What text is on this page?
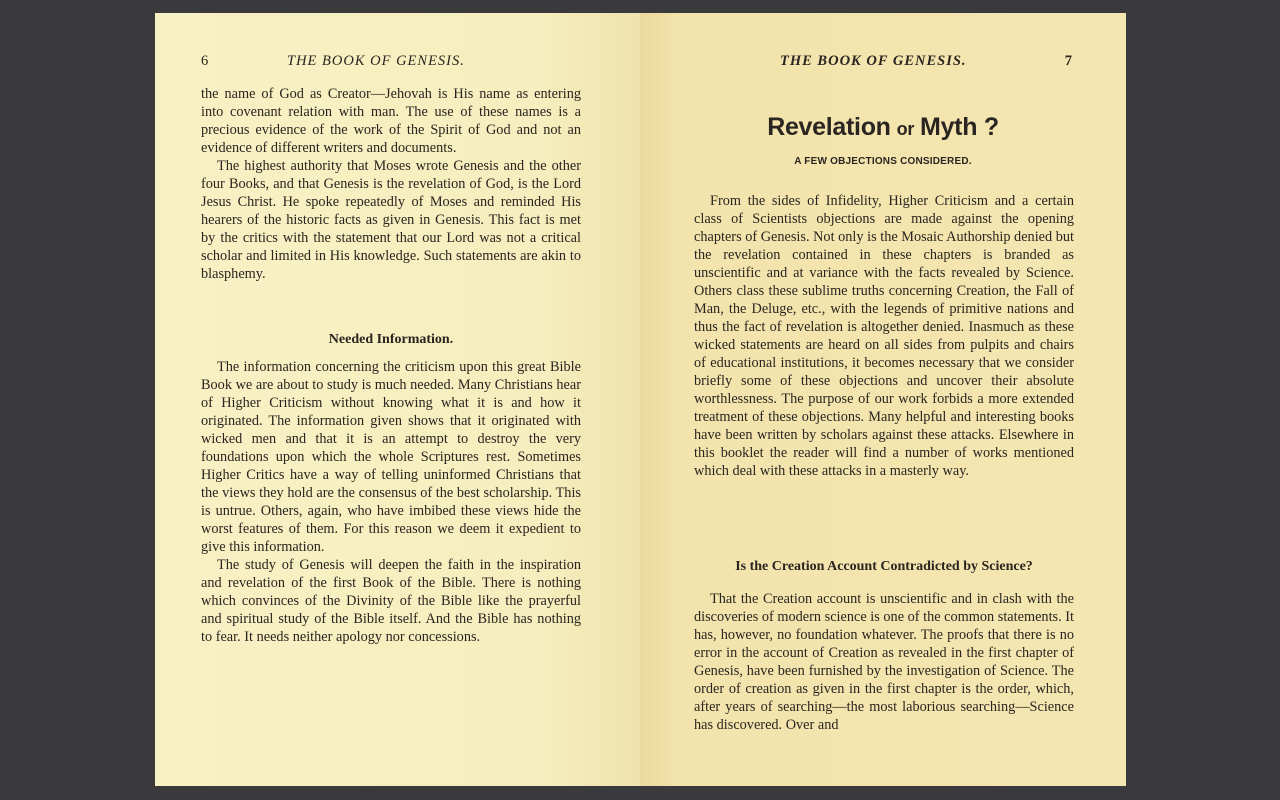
6	THE BOOK OF GENESIS.

the name of God as Creator—Jehovah is His name as entering into covenant relation with man. The use of these names is a precious evidence of the work of the Spirit of God and not an evidence of different writers and documents.

The highest authority that Moses wrote Genesis and the other four Books, and that Genesis is the revelation of God, is the Lord Jesus Christ. He spoke repeatedly of Moses and reminded His hearers of the historic facts as given in Genesis. This fact is met by the critics with the statement that our Lord was not a critical scholar and limited in His knowledge. Such statements are akin to blasphemy.

Needed Information.

The information concerning the criticism upon this great Bible Book we are about to study is much needed. Many Christians hear of Higher Criticism without knowing what it is and how it originated. The information given shows that it originated with wicked men and that it is an attempt to destroy the very foundations upon which the whole Scriptures rest. Sometimes Higher Critics have a way of telling uninformed Christians that the views they hold are the consensus of the best scholarship. This is untrue. Others, again, who have imbibed these views hide the worst features of them. For this reason we deem it expedient to give this information.

The study of Genesis will deepen the faith in the inspiration and revelation of the first Book of the Bible. There is nothing which convinces of the Divinity of the Bible like the prayerful and spiritual study of the Bible itself. And the Bible has nothing to fear. It needs neither apology nor concessions.

THE BOOK OF GENESIS.	7
Revelation or Myth ?
A FEW OBJECTIONS CONSIDERED.

From the sides of Infidelity, Higher Criticism and a certain class of Scientists objections are made against the opening chapters of Genesis. Not only is the Mosaic Authorship denied but the revelation contained in these chapters is branded as unscientific and at variance with the facts revealed by Science. Others class these sublime truths concerning Creation, the Fall of Man, the Deluge, etc., with the legends of primitive nations and thus the fact of revelation is altogether denied. Inasmuch as these wicked statements are heard on all sides from pulpits and chairs of educational institutions, it becomes necessary that we consider briefly some of these objections and uncover their absolute worthlessness. The purpose of our work forbids a more extended treatment of these objections. Many helpful and interesting books have been written by scholars against these attacks. Elsewhere in this booklet the reader will find a number of works mentioned which deal with these attacks in a masterly way.

Is the Creation Account Contradicted by Science?

That the Creation account is unscientific and in clash with the discoveries of modern science is one of the common statements. It has, however, no foundation whatever. The proofs that there is no error in the account of Creation as revealed in the first chapter of Genesis, have been furnished by the investigation of Science. The order of creation as given in the first chapter is the order, which, after years of searching—the most laborious searching—Science has discovered. Over and
